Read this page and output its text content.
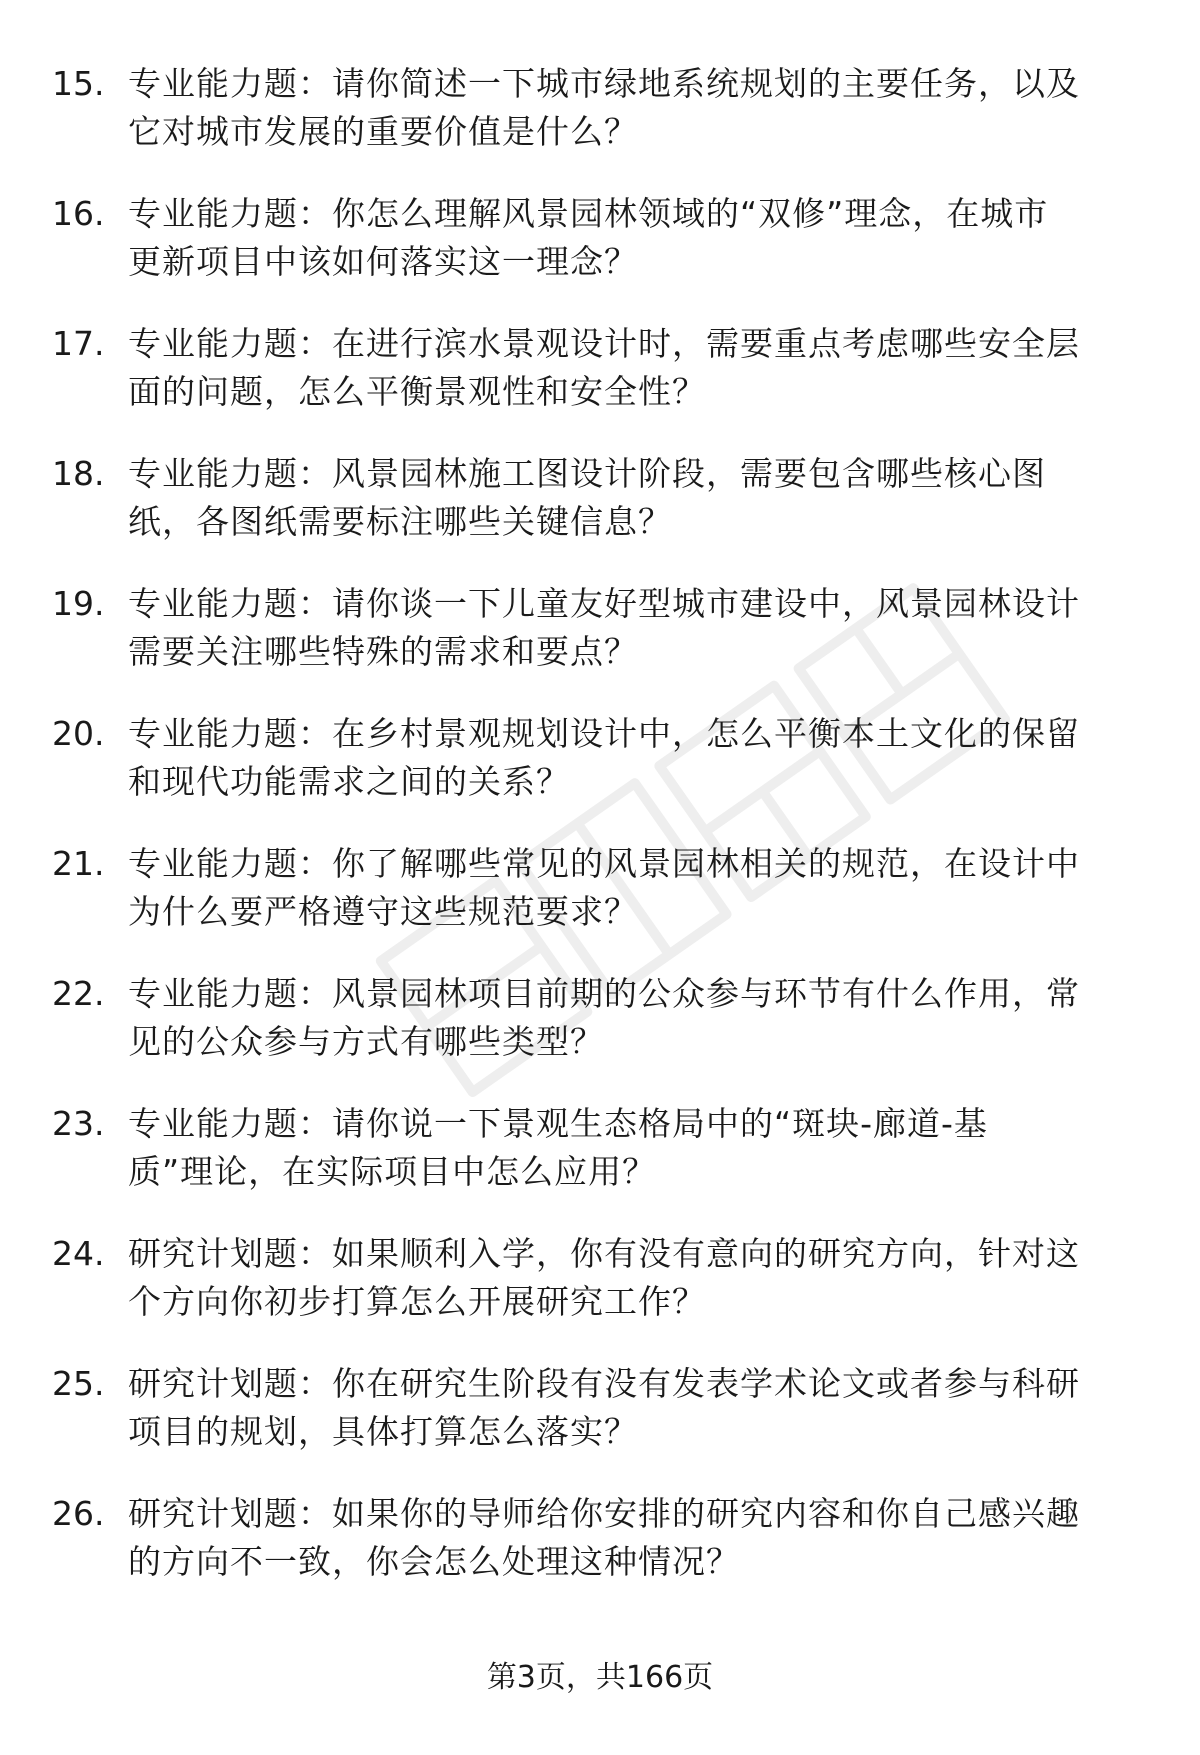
15. 专业能力题：请你简述一下城市绿地系统规划的主要任务，以及
它对城市发展的重要价值是什么？
16. 专业能力题：你怎么理解风景园林领域的“双修”理念，在城市
更新项目中该如何落实这一理念？
17. 专业能力题：在进行滨水景观设计时，需要重点考虑哪些安全层
面的问题，怎么平衡景观性和安全性？
18. 专业能力题：风景园林施工图设计阶段，需要包含哪些核心图
纸，各图纸需要标注哪些关键信息？
19. 专业能力题：请你谈一下儿童友好型城市建设中，风景园林设计
需要关注哪些特殊的需求和要点？
20. 专业能力题：在乡村景观规划设计中，怎么平衡本土文化的保留
和现代功能需求之间的关系？
21. 专业能力题：你了解哪些常见的风景园林相关的规范，在设计中
为什么要严格遵守这些规范要求？
22. 专业能力题：风景园林项目前期的公众参与环节有什么作用，常
见的公众参与方式有哪些类型？
23. 专业能力题：请你说一下景观生态格局中的“斑块-廊道-基
质”理论，在实际项目中怎么应用？
24. 研究计划题：如果顺利入学，你有没有意向的研究方向，针对这
个方向你初步打算怎么开展研究工作？
25. 研究计划题：你在研究生阶段有没有发表学术论文或者参与科研
项目的规划，具体打算怎么落实？
26. 研究计划题：如果你的导师给你安排的研究内容和你自己感兴趣
的方向不一致，你会怎么处理这种情况？
第3页，共166页
